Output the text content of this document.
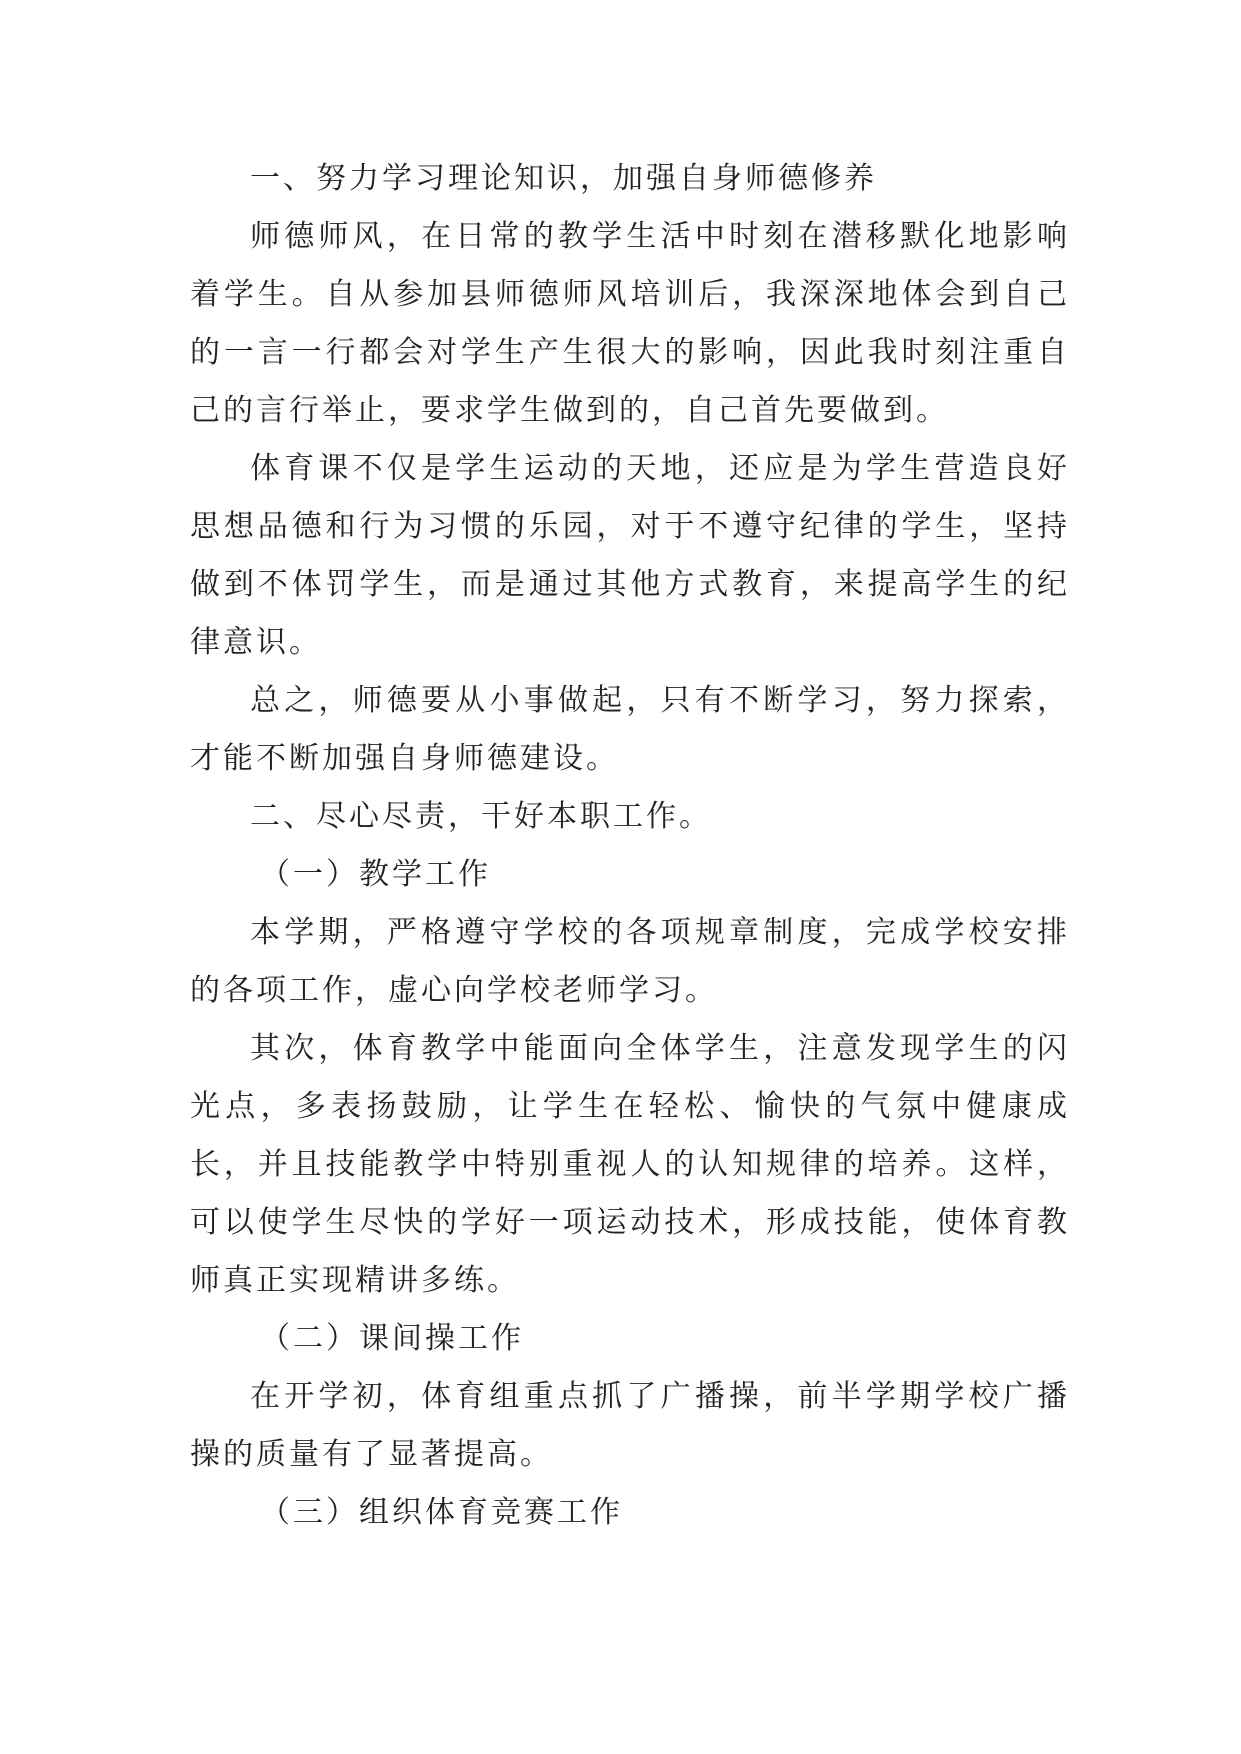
一、努力学习理论知识，加强自身师德修养

师德师风，在日常的教学生活中时刻在潜移默化地影响着学生。自从参加县师德师风培训后，我深深地体会到自己的一言一行都会对学生产生很大的影响，因此我时刻注重自己的言行举止，要求学生做到的，自己首先要做到。

体育课不仅是学生运动的天地，还应是为学生营造良好思想品德和行为习惯的乐园，对于不遵守纪律的学生，坚持做到不体罚学生，而是通过其他方式教育，来提高学生的纪律意识。

总之，师德要从小事做起，只有不断学习，努力探索，才能不断加强自身师德建设。

二、尽心尽责，干好本职工作。

（一）教学工作

本学期，严格遵守学校的各项规章制度，完成学校安排的各项工作，虚心向学校老师学习。

其次，体育教学中能面向全体学生，注意发现学生的闪光点，多表扬鼓励，让学生在轻松、愉快的气氛中健康成长，并且技能教学中特别重视人的认知规律的培养。这样，可以使学生尽快的学好一项运动技术，形成技能，使体育教师真正实现精讲多练。

（二）课间操工作

在开学初，体育组重点抓了广播操，前半学期学校广播操的质量有了显著提高。

（三）组织体育竞赛工作
